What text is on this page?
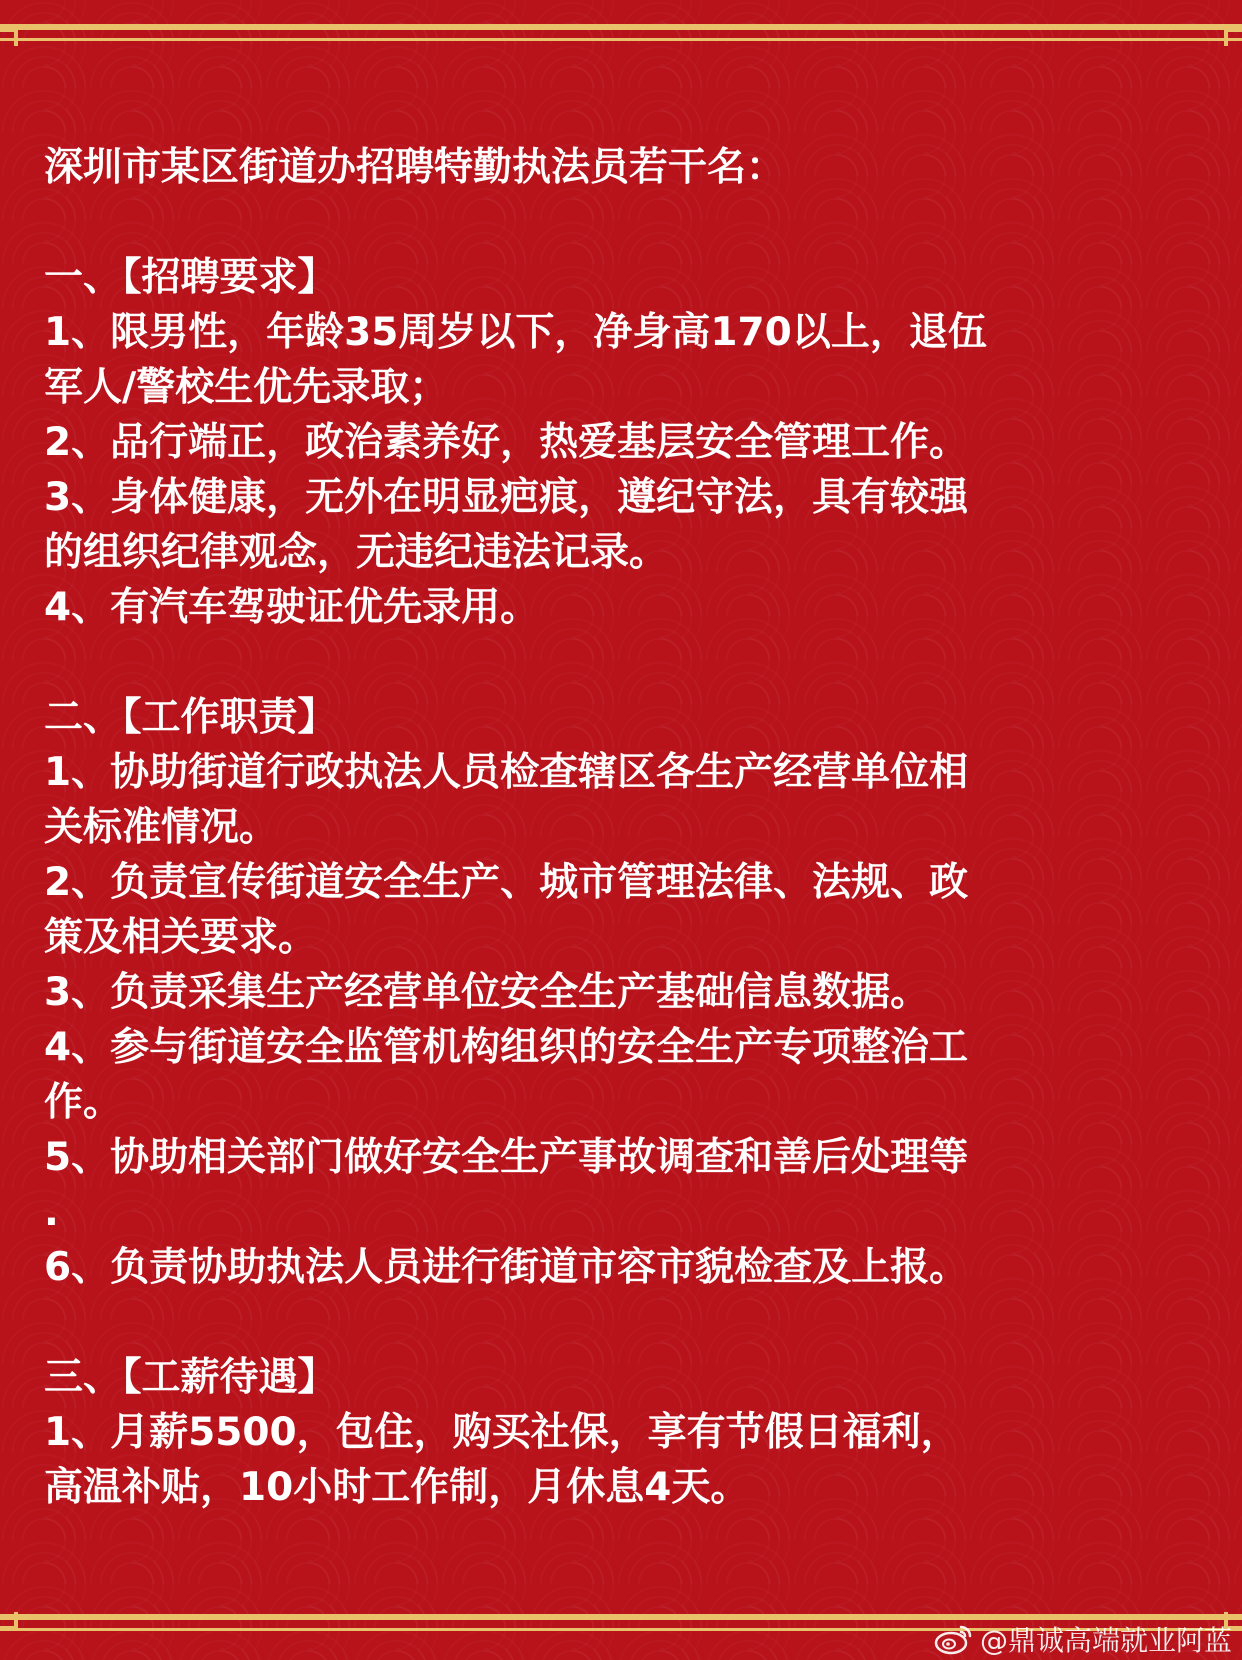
深圳市某区街道办招聘特勤执法员若干名：
一、【招聘要求】
1、限男性，年龄35周岁以下，净身高170以上，退伍
军人/警校生优先录取；
2、品行端正，政治素养好，热爱基层安全管理工作。
3、身体健康，无外在明显疤痕，遵纪守法，具有较强
的组织纪律观念，无违纪违法记录。
4、有汽车驾驶证优先录用。
二、【工作职责】
1、协助街道行政执法人员检查辖区各生产经营单位相
关标准情况。
2、负责宣传街道安全生产、城市管理法律、法规、政
策及相关要求。
3、负责采集生产经营单位安全生产基础信息数据。
4、参与街道安全监管机构组织的安全生产专项整治工
作。
5、协助相关部门做好安全生产事故调查和善后处理等
.
6、负责协助执法人员进行街道市容市貌检查及上报。
三、【工薪待遇】
1、月薪5500，包住，购买社保，享有节假日福利，
高温补贴，10小时工作制，月休息4天。
@鼎诚高端就业阿蓝
